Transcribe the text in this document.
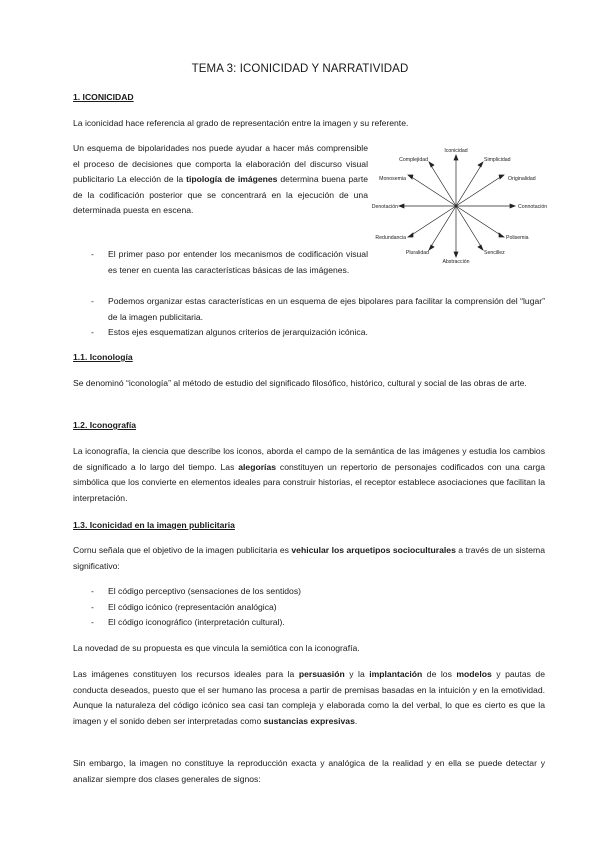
TEMA 3: ICONICIDAD Y NARRATIVIDAD

1. ICONICIDAD

La iconicidad hace referencia al grado de representación entre la imagen y su referente.

Un esquema de bipolaridades nos puede ayudar a hacer más comprensible el proceso de decisiones que comporta la elaboración del discurso visual publicitario La elección de la tipología de imágenes determina buena parte de la codificación posterior que se concentrará en la ejecución de una determinada puesta en escena.

Iconicidad
Simplicidad
Originalidad
Connotación
Polisemia
Sencillez
Abstracción
Pluralidad
Redundancia
Denotación
Monosemia
Complejidad
- El primer paso por entender los mecanismos de codificación visual es tener en cuenta las características básicas de las imágenes.
- Podemos organizar estas características en un esquema de ejes bipolares para facilitar la comprensión del “lugar” de la imagen publicitaria.
- Estos ejes esquematizan algunos criterios de jerarquización icónica.

1.1. Iconología

Se denominó “iconología” al método de estudio del significado filosófico, histórico, cultural y social de las obras de arte.

1.2. Iconografía

La iconografía, la ciencia que describe los iconos, aborda el campo de la semántica de las imágenes y estudia los cambios de significado a lo largo del tiempo. Las alegorías constituyen un repertorio de personajes codificados con una carga simbólica que los convierte en elementos ideales para construir historias, el receptor establece asociaciones que facilitan la interpretación.

1.3. Iconicidad en la imagen publicitaria

Cornu señala que el objetivo de la imagen publicitaria es vehicular los arquetipos socioculturales a través de un sistema significativo:

- El código perceptivo (sensaciones de los sentidos)
- El código icónico (representación analógica)
- El código iconográfico (interpretación cultural).

La novedad de su propuesta es que vincula la semiótica con la iconografía.

Las imágenes constituyen los recursos ideales para la persuasión y la implantación de los modelos y pautas de conducta deseados, puesto que el ser humano las procesa a partir de premisas basadas en la intuición y en la emotividad. Aunque la naturaleza del código icónico sea casi tan compleja y elaborada como la del verbal, lo que es cierto es que la imagen y el sonido deben ser interpretadas como sustancias expresivas.

Sin embargo, la imagen no constituye la reproducción exacta y analógica de la realidad y en ella se puede detectar y analizar siempre dos clases generales de signos:
